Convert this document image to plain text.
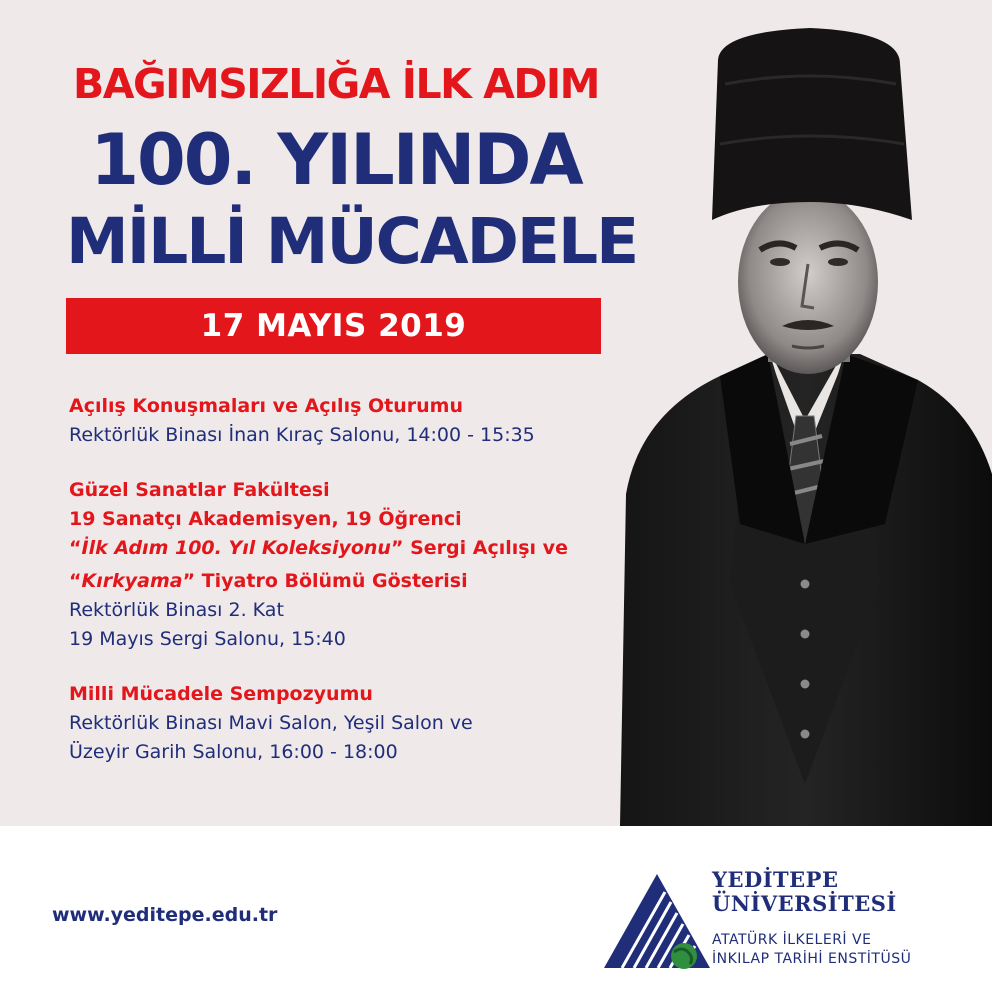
BAĞIMSIZLIĞA İLK ADIM
100. YILINDA
MİLLİ MÜCADELE
17 MAYIS 2019
Açılış Konuşmaları ve Açılış Oturumu
Rektörlük Binası İnan Kıraç Salonu, 14:00 - 15:35
Güzel Sanatlar Fakültesi
19 Sanatçı Akademisyen, 19 Öğrenci
“İlk Adım 100. Yıl Koleksiyonu” Sergi Açılışı ve
“Kırkyama” Tiyatro Bölümü Gösterisi
Rektörlük Binası 2. Kat
19 Mayıs Sergi Salonu, 15:40
Milli Mücadele Sempozyumu
Rektörlük Binası Mavi Salon, Yeşil Salon ve
Üzeyir Garih Salonu, 16:00 - 18:00
www.yeditepe.edu.tr
YEDİTEPE
ÜNİVERSİTESİ
ATATÜRK İLKELERİ VE
İNKILAP TARİHİ ENSTİTÜSÜ
